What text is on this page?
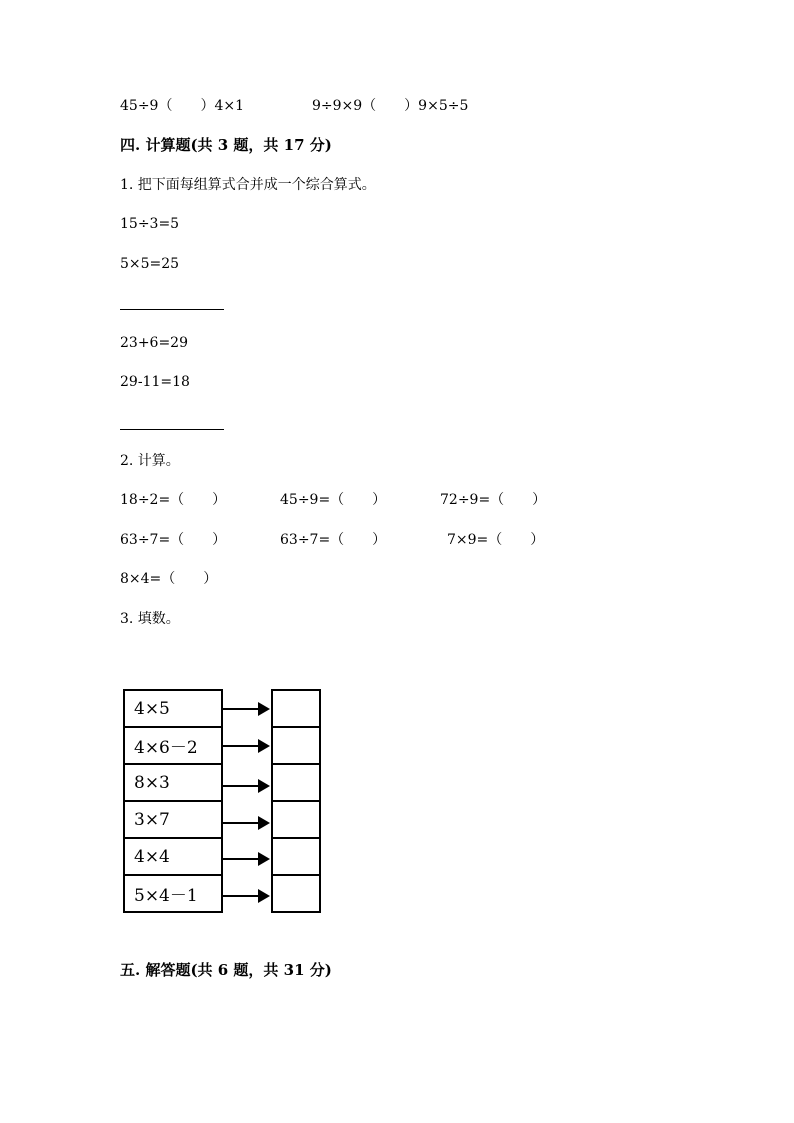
45÷9（　　）4×1	9÷9×9（　　）9×5÷5
四. 计算题(共 3 题，共 17 分)
1. 把下面每组算式合并成一个综合算式。
15÷3=5
5×5=25
23+6=29
29-11=18
2. 计算。
18÷2=（　　）	45÷9=（　　）	72÷9=（　　）
63÷7=（　　）	63÷7=（　　）	7×9=（　　）
8×4=（　　）
3. 填数。
4×5
4×6－2
8×3
3×7
4×4
5×4－1
五. 解答题(共 6 题，共 31 分)
